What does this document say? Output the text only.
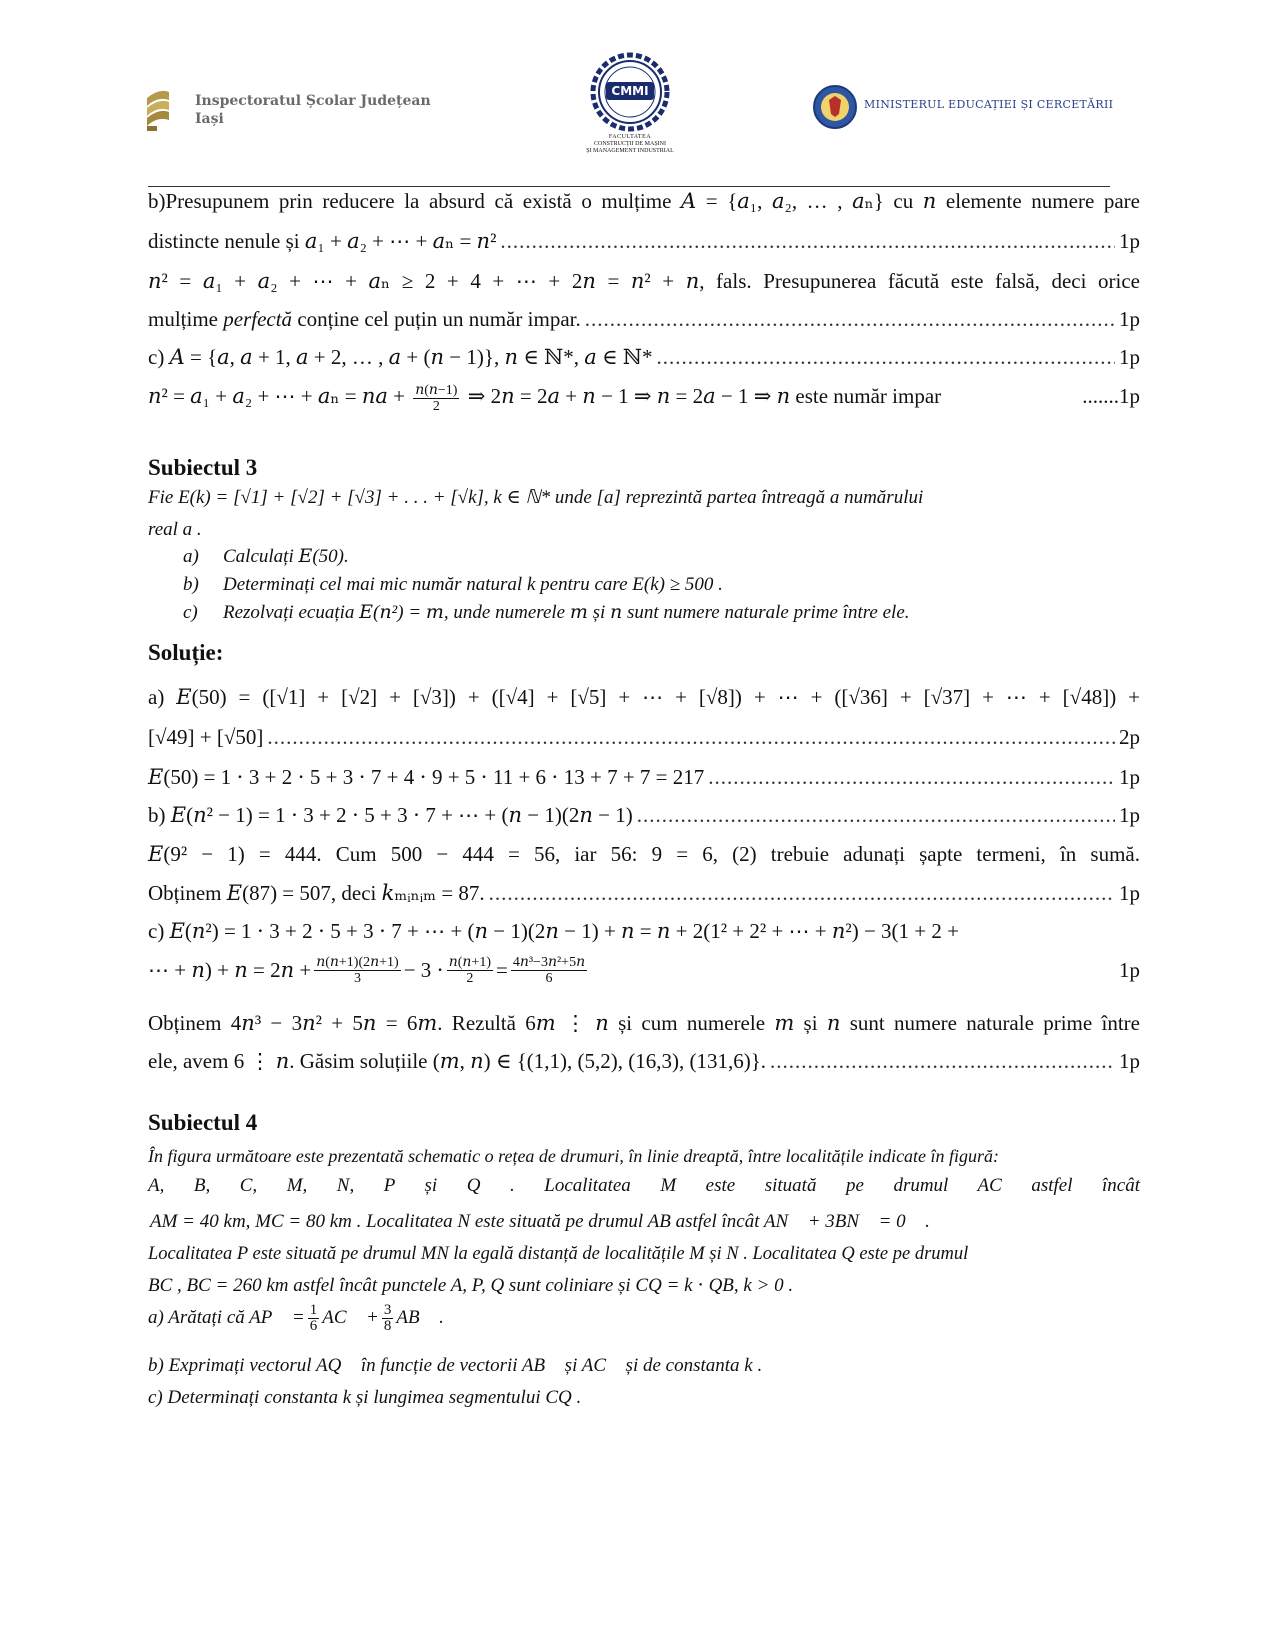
Inspectoratul Școlar Județean
Iași
CMMI
FACULTATEA
CONSTRUCȚII DE MAȘINI
ȘI MANAGEMENT INDUSTRIAL
MINISTERUL EDUCAȚIEI ȘI CERCETĂRII
b)Presupunem prin reducere la absurd că există o mulțime 𝐴 = {𝑎₁, 𝑎₂, … , 𝑎ₙ} cu 𝑛 elemente numere pare
distincte nenule și 𝑎₁ + 𝑎₂ + ⋯ + 𝑎ₙ = 𝑛² .....	1p
𝑛² = 𝑎₁ + 𝑎₂ + ⋯ + 𝑎ₙ ≥ 2 + 4 + ⋯ + 2𝑛 = 𝑛² + 𝑛, fals. Presupunerea făcută este falsă, deci orice
mulțime perfectă conține cel puțin un număr impar. .....	1p
c) 𝐴 = {𝑎, 𝑎 + 1, 𝑎 + 2, … , 𝑎 + (𝑛 − 1)}, 𝑛 ∈ ℕ*, 𝑎 ∈ ℕ* .....	1p
𝑛² = 𝑎₁ + 𝑎₂ + ⋯ + 𝑎ₙ = 𝑛𝑎 + $\frac{\text{𝑛(𝑛−1)}}{2}$ ⇒ 2𝑛 = 2𝑎 + 𝑛 − 1 ⇒ 𝑛 = 2𝑎 − 1 ⇒ 𝑛 este număr impar	.......1p
Subiectul 3
Fie E(k) = [√1] + [√2] + [√3] + . . . + [√k], k ∈ ℕ* unde [a] reprezintă partea întreagă a numărului
real a .
a) Calculați 𝐸(50).
b) Determinați cel mai mic număr natural k pentru care E(k) ≥ 500 .
c) Rezolvați ecuația 𝐸(𝑛²) = 𝑚, unde numerele 𝑚 și 𝑛 sunt numere naturale prime între ele.
Soluție:
a) 𝐸(50) = ([√1] + [√2] + [√3]) + ([√4] + [√5] + ⋯ + [√8]) + ⋯ + ([√36] + [√37] + ⋯ + [√48]) +
[√49] + [√50] .....	2p
𝐸(50) = 1 ⋅ 3 + 2 ⋅ 5 + 3 ⋅ 7 + 4 ⋅ 9 + 5 ⋅ 11 + 6 ⋅ 13 + 7 + 7 = 217 .....	1p
b) 𝐸(𝑛² − 1) = 1 ⋅ 3 + 2 ⋅ 5 + 3 ⋅ 7 + ⋯ + (𝑛 − 1)(2𝑛 − 1) .....	1p
𝐸(9² − 1) = 444. Cum 500 − 444 = 56, iar 56: 9 = 6, (2) trebuie adunați șapte termeni, în sumă.
Obținem 𝐸(87) = 507, deci 𝑘ₘᵢₙᵢₘ = 87. .....	1p
c) 𝐸(𝑛²) = 1 ⋅ 3 + 2 ⋅ 5 + 3 ⋅ 7 + ⋯ + (𝑛 − 1)(2𝑛 − 1) + 𝑛 = 𝑛 + 2(1² + 2² + ⋯ + 𝑛²) − 3(1 + 2 +
⋯ + 𝑛) + 𝑛 = 2𝑛 + $\frac{\text{𝑛(𝑛+1)(2𝑛+1)}}{3} - 3 \cdot \frac{\text{𝑛(𝑛+1)}}{2} = \frac{\text{4𝑛³−3𝑛²+5𝑛}}{6}$	1p
Obținem 4𝑛³ − 3𝑛² + 5𝑛 = 6𝑚. Rezultă 6𝑚 ⋮ 𝑛 și cum numerele 𝑚 și 𝑛 sunt numere naturale prime între
ele, avem 6 ⋮ 𝑛. Găsim soluțiile (𝑚, 𝑛) ∈ {(1,1), (5,2), (16,3), (131,6)}. .....	1p
Subiectul 4
În figura următoare este prezentată schematic o rețea de drumuri, în linie dreaptă, între localitățile indicate în figură:
A, B, C, M, N, P și Q . Localitatea M este situată pe drumul AC astfel încât
AM = 40 km, MC = 80 km . Localitatea N este situată pe drumul AB astfel încât AN⃗ + 3BN⃗ = 0⃗ .
Localitatea P este situată pe drumul MN la egală distanță de localitățile M și N . Localitatea Q este pe drumul
BC , BC = 260 km astfel încât punctele A, P, Q sunt coliniare și CQ = k ⋅ QB, k > 0 .
a) Arătați că AP⃗ = $\frac{1}{6}$ AC⃗ + $\frac{3}{8}$ AB⃗ .
b) Exprimați vectorul AQ⃗ în funcție de vectorii AB⃗ și AC⃗ și de constanta k .
c) Determinați constanta k și lungimea segmentului CQ .
